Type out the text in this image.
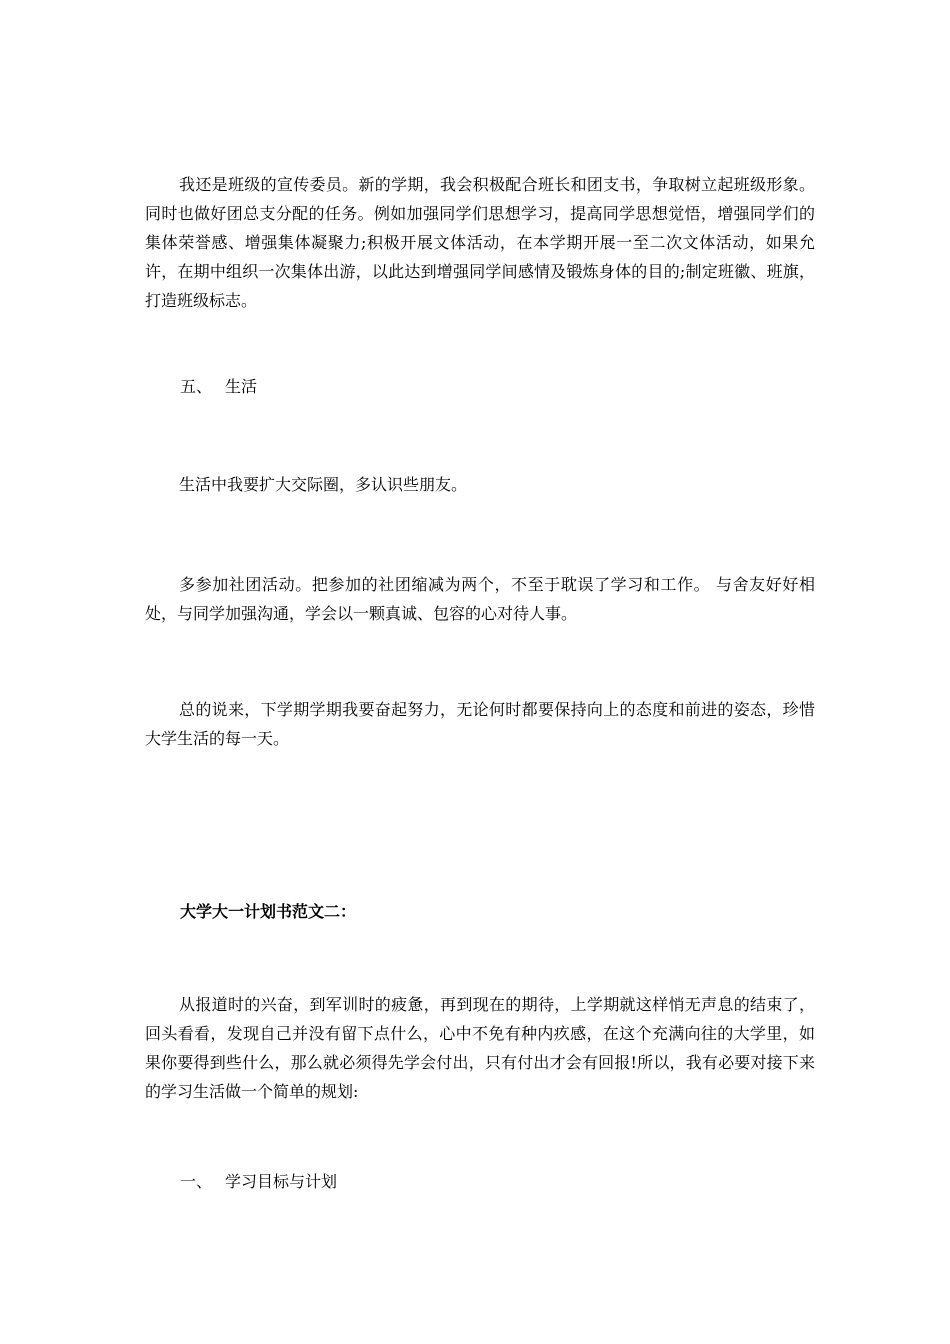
我还是班级的宣传委员。新的学期，我会积极配合班长和团支书，争取树立起班级形象。同时也做好团总支分配的任务。例如加强同学们思想学习，提高同学思想觉悟，增强同学们的集体荣誉感、增强集体凝聚力;积极开展文体活动，在本学期开展一至二次文体活动，如果允许，在期中组织一次集体出游，以此达到增强同学间感情及锻炼身体的目的;制定班徽、班旗，打造班级标志。

五、 生活

生活中我要扩大交际圈，多认识些朋友。

多参加社团活动。把参加的社团缩减为两个，不至于耽误了学习和工作。 与舍友好好相处，与同学加强沟通，学会以一颗真诚、包容的心对待人事。

总的说来，下学期学期我要奋起努力，无论何时都要保持向上的态度和前进的姿态，珍惜大学生活的每一天。

大学大一计划书范文二：

从报道时的兴奋，到军训时的疲惫，再到现在的期待，上学期就这样悄无声息的结束了，回头看看，发现自己并没有留下点什么，心中不免有种内疚感，在这个充满向往的大学里，如果你要得到些什么，那么就必须得先学会付出，只有付出才会有回报!所以，我有必要对接下来的学习生活做一个简单的规划:

一、 学习目标与计划
